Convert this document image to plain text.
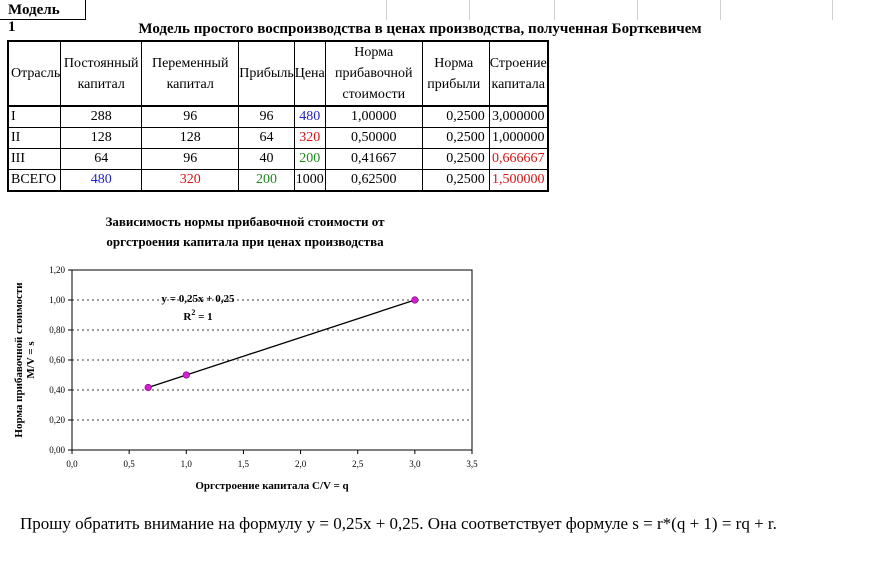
Модель 1	Модель простого воспроизводства в ценах производства, полученная Борткевичем
Отрасль	Постоянный капитал	Переменный капитал	Прибыль	Цена	Норма прибавочной стоимости	Норма прибыли	Строение капитала
I	288	96	96	480	1,00000	0,2500	3,000000
II	128	128	64	320	0,50000	0,2500	1,000000
III	64	96	40	200	0,41667	0,2500	0,666667
ВСЕГО	480	320	200	1000	0,62500	0,2500	1,500000
Зависимость нормы прибавочной стоимости от
оргстроения капитала при ценах производства
0,00
0,20
0,40
0,60
0,80
1,00
1,20
0,0	0,5	1,0	1,5	2,0	2,5	3,0	3,5
y = 0,25x + 0,25
$R^2 = 1$
Оргстроение капитала C/V = q
Норма прибавочной стоимости M/V = s
Прошу обратить внимание на формулу y = 0,25x + 0,25. Она соответствует формуле s = r*(q + 1) = rq + r.
